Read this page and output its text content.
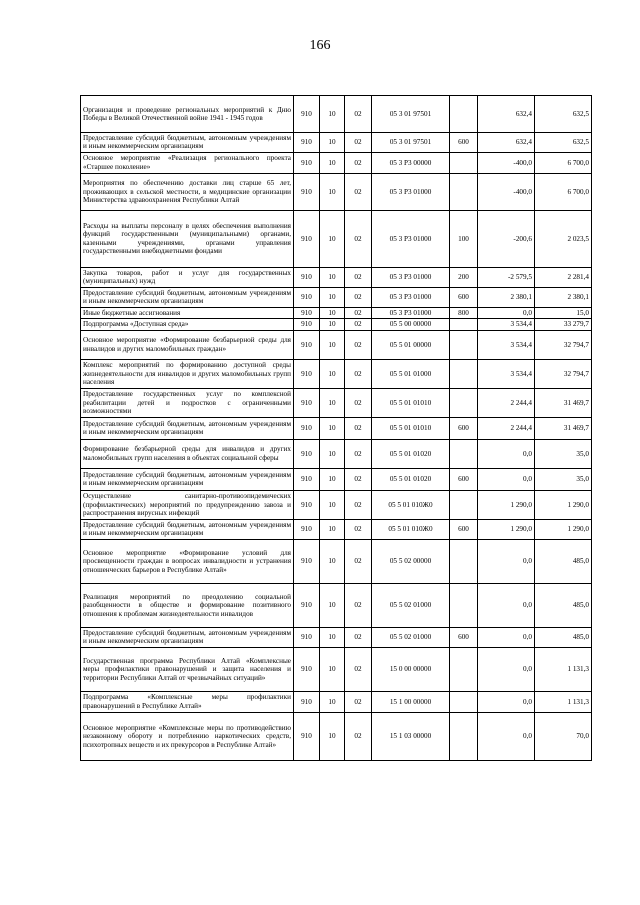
166
Организация и проведение региональных мероприятий к Дню Победы в Великой Отечественной войне 1941 - 1945 годов	910	10	02	05 3 01 97501		632,4	632,5
Предоставление субсидий бюджетным, автономным учреждениям и иным некоммерческим организациям	910	10	02	05 3 01 97501	600	632,4	632,5
Основное мероприятие «Реализация регионального проекта «Старшее поколение»	910	10	02	05 3 P3 00000		-400,0	6 700,0
Мероприятия по обеспечению доставки лиц старше 65 лет, проживающих в сельской местности, в медицинские организации Министерства здравоохранения Республики Алтай	910	10	02	05 3 P3 01000		-400,0	6 700,0
Расходы на выплаты персоналу в целях обеспечения выполнения функций государственными (муниципальными) органами, казенными учреждениями, органами управления государственными внебюджетными фондами	910	10	02	05 3 P3 01000	100	-200,6	2 023,5
Закупка товаров, работ и услуг для государственных (муниципальных) нужд	910	10	02	05 3 P3 01000	200	-2 579,5	2 281,4
Предоставление субсидий бюджетным, автономным учреждениям и иным некоммерческим организациям	910	10	02	05 3 P3 01000	600	2 380,1	2 380,1
Иные бюджетные ассигнования	910	10	02	05 3 P3 01000	800	0,0	15,0
Подпрограмма «Доступная среда»	910	10	02	05 5 00 00000		3 534,4	33 279,7
Основное мероприятие «Формирование безбарьерной среды для инвалидов и других маломобильных граждан»	910	10	02	05 5 01 00000		3 534,4	32 794,7
Комплекс мероприятий по формированию доступной среды жизнедеятельности для инвалидов и других маломобильных групп населения	910	10	02	05 5 01 01000		3 534,4	32 794,7
Предоставление государственных услуг по комплексной реабилитации детей и подростков с ограниченными возможностями	910	10	02	05 5 01 01010		2 244,4	31 469,7
Предоставление субсидий бюджетным, автономным учреждениям и иным некоммерческим организациям	910	10	02	05 5 01 01010	600	2 244,4	31 469,7
Формирование безбарьерной среды для инвалидов и других маломобильных групп населения в объектах социальной сферы	910	10	02	05 5 01 01020		0,0	35,0
Предоставление субсидий бюджетным, автономным учреждениям и иным некоммерческим организациям	910	10	02	05 5 01 01020	600	0,0	35,0
Осуществление санитарно-противоэпидемических (профилактических) мероприятий по предупреждению завоза и распространения вирусных инфекций	910	10	02	05 5 01 010Ж0		1 290,0	1 290,0
Предоставление субсидий бюджетным, автономным учреждениям и иным некоммерческим организациям	910	10	02	05 5 01 010Ж0	600	1 290,0	1 290,0
Основное мероприятие «Формирование условий для просвещенности граждан в вопросах инвалидности и устранения отношенческих барьеров в Республике Алтай»	910	10	02	05 5 02 00000		0,0	485,0
Реализация мероприятий по преодолению социальной разобщенности в обществе и формирование позитивного отношения к проблемам жизнедеятельности инвалидов	910	10	02	05 5 02 01000		0,0	485,0
Предоставление субсидий бюджетным, автономным учреждениям и иным некоммерческим организациям	910	10	02	05 5 02 01000	600	0,0	485,0
Государственная программа Республики Алтай «Комплексные меры профилактики правонарушений и защита населения и территории Республики Алтай от чрезвычайных ситуаций»	910	10	02	15 0 00 00000		0,0	1 131,3
Подпрограмма «Комплексные меры профилактики правонарушений в Республике Алтай»	910	10	02	15 1 00 00000		0,0	1 131,3
Основное мероприятие «Комплексные меры по противодействию незаконному обороту и потреблению наркотических средств, психотропных веществ и их прекурсоров в Республике Алтай»	910	10	02	15 1 03 00000		0,0	70,0
